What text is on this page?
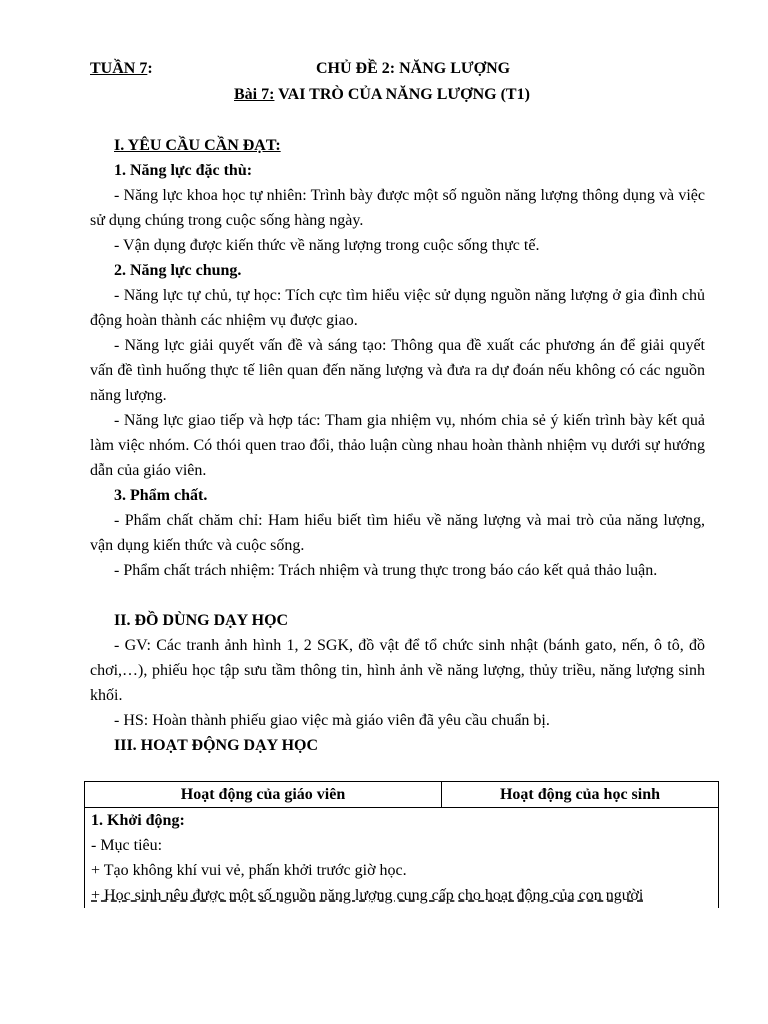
TUẦN 7:	CHỦ ĐỀ 2: NĂNG LƯỢNG
Bài 7: VAI TRÒ CỦA NĂNG LƯỢNG (T1)
I. YÊU CẦU CẦN ĐẠT:
1. Năng lực đặc thù:
- Năng lực khoa học tự nhiên: Trình bày được một số nguồn năng lượng thông dụng và việc sử dụng chúng trong cuộc sống hàng ngày.
- Vận dụng được kiến thức về năng lượng trong cuộc sống thực tế.
2. Năng lực chung.
- Năng lực tự chủ, tự học: Tích cực tìm hiểu việc sử dụng nguồn năng lượng ở gia đình chủ động hoàn thành các nhiệm vụ được giao.
- Năng lực giải quyết vấn đề và sáng tạo: Thông qua đề xuất các phương án để giải quyết vấn đề tình huống thực tế liên quan đến năng lượng và đưa ra dự đoán nếu không có các nguồn năng lượng.
- Năng lực giao tiếp và hợp tác: Tham gia nhiệm vụ, nhóm chia sẻ ý kiến trình bày kết quả làm việc nhóm. Có thói quen trao đổi, thảo luận cùng nhau hoàn thành nhiệm vụ dưới sự hướng dẫn của giáo viên.
3. Phẩm chất.
- Phẩm chất chăm chỉ: Ham hiểu biết tìm hiểu về năng lượng và mai trò của năng lượng, vận dụng kiến thức và cuộc sống.
- Phẩm chất trách nhiệm: Trách nhiệm và trung thực trong báo cáo kết quả thảo luận.
II. ĐỒ DÙNG DẠY HỌC
- GV: Các tranh ảnh hình 1, 2 SGK, đồ vật để tổ chức sinh nhật (bánh gato, nến, ô tô, đồ chơi,…), phiếu học tập sưu tầm thông tin, hình ảnh về năng lượng, thủy triều, năng lượng sinh khối.
- HS: Hoàn thành phiếu giao việc mà giáo viên đã yêu cầu chuẩn bị.
III. HOẠT ĐỘNG DẠY HỌC
Hoạt động của giáo viên	Hoạt động của học sinh
1. Khởi động:
- Mục tiêu:
+ Tạo không khí vui vẻ, phấn khởi trước giờ học.
+ Học sinh nêu được một số nguồn năng lượng cung cấp cho hoạt động của con người
